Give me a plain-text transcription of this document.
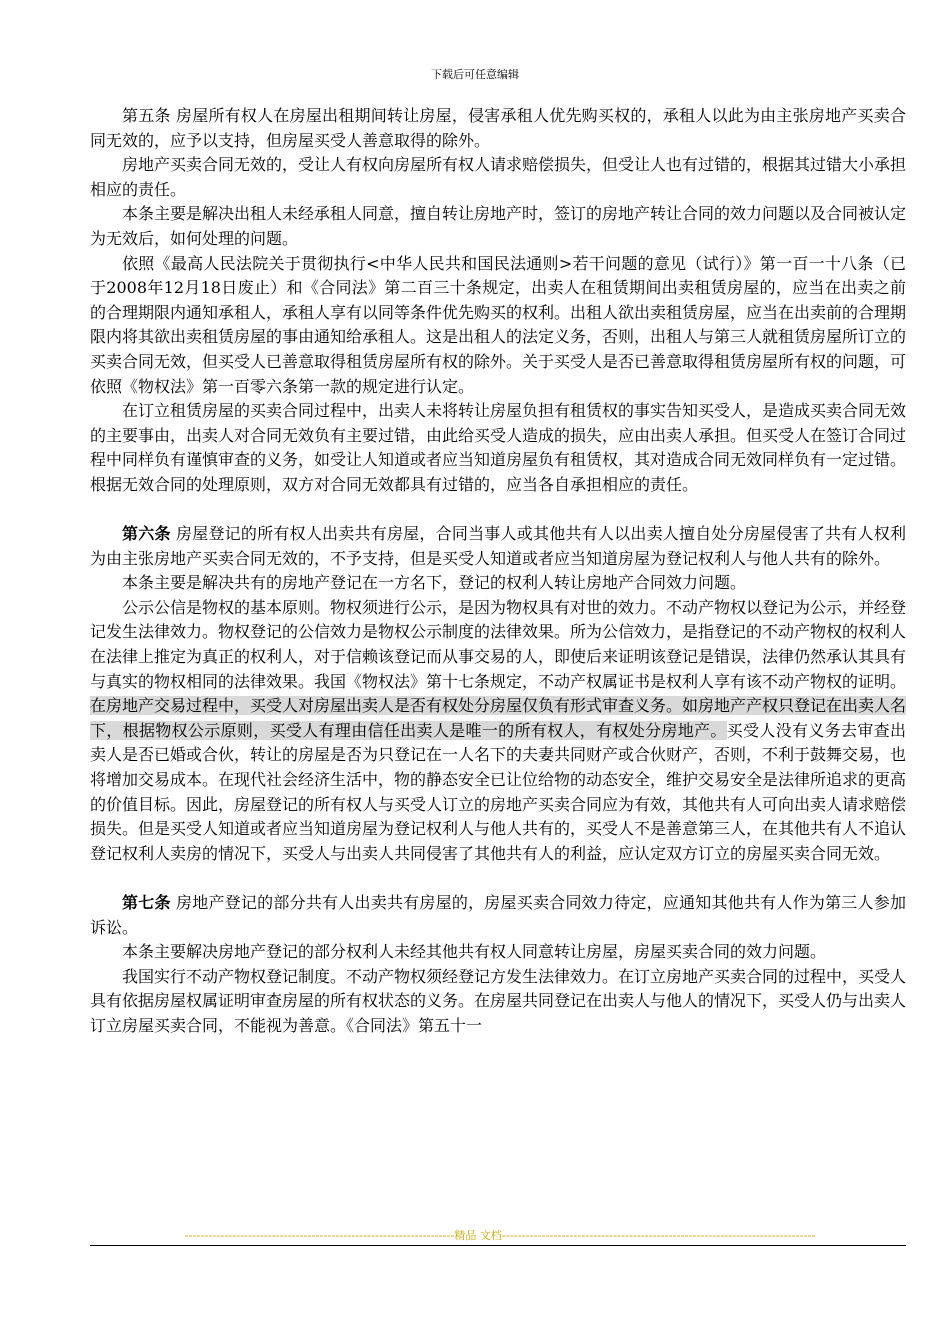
下载后可任意编辑

第五条 房屋所有权人在房屋出租期间转让房屋，侵害承租人优先购买权的，承租人以此为由主张房地产买卖合同无效的，应予以支持，但房屋买受人善意取得的除外。

房地产买卖合同无效的，受让人有权向房屋所有权人请求赔偿损失，但受让人也有过错的，根据其过错大小承担相应的责任。

本条主要是解决出租人未经承租人同意，擅自转让房地产时，签订的房地产转让合同的效力问题以及合同被认定为无效后，如何处理的问题。

依照《最高人民法院关于贯彻执行<中华人民共和国民法通则>若干问题的意见（试行）》第一百一十八条（已于2008年12月18日废止）和《合同法》第二百三十条规定，出卖人在租赁期间出卖租赁房屋的，应当在出卖之前的合理期限内通知承租人，承租人享有以同等条件优先购买的权利。出租人欲出卖租赁房屋，应当在出卖前的合理期限内将其欲出卖租赁房屋的事由通知给承租人。这是出租人的法定义务，否则，出租人与第三人就租赁房屋所订立的买卖合同无效，但买受人已善意取得租赁房屋所有权的除外。关于买受人是否已善意取得租赁房屋所有权的问题，可依照《物权法》第一百零六条第一款的规定进行认定。

在订立租赁房屋的买卖合同过程中，出卖人未将转让房屋负担有租赁权的事实告知买受人，是造成买卖合同无效的主要事由，出卖人对合同无效负有主要过错，由此给买受人造成的损失，应由出卖人承担。但买受人在签订合同过程中同样负有谨慎审查的义务，如受让人知道或者应当知道房屋负有租赁权，其对造成合同无效同样负有一定过错。根据无效合同的处理原则，双方对合同无效都具有过错的，应当各自承担相应的责任。

第六条 房屋登记的所有权人出卖共有房屋，合同当事人或其他共有人以出卖人擅自处分房屋侵害了共有人权利为由主张房地产买卖合同无效的，不予支持，但是买受人知道或者应当知道房屋为登记权利人与他人共有的除外。

本条主要是解决共有的房地产登记在一方名下，登记的权利人转让房地产合同效力问题。

公示公信是物权的基本原则。物权须进行公示，是因为物权具有对世的效力。不动产物权以登记为公示，并经登记发生法律效力。物权登记的公信效力是物权公示制度的法律效果。所为公信效力，是指登记的不动产物权的权利人在法律上推定为真正的权利人，对于信赖该登记而从事交易的人，即使后来证明该登记是错误，法律仍然承认其具有与真实的物权相同的法律效果。我国《物权法》第十七条规定，不动产权属证书是权利人享有该不动产物权的证明。在房地产交易过程中，买受人对房屋出卖人是否有权处分房屋仅负有形式审查义务。如房地产产权只登记在出卖人名下，根据物权公示原则，买受人有理由信任出卖人是唯一的所有权人，有权处分房地产。买受人没有义务去审查出卖人是否已婚或合伙，转让的房屋是否为只登记在一人名下的夫妻共同财产或合伙财产，否则，不利于鼓舞交易，也将增加交易成本。在现代社会经济生活中，物的静态安全已让位给物的动态安全，维护交易安全是法律所追求的更高的价值目标。因此，房屋登记的所有权人与买受人订立的房地产买卖合同应为有效，其他共有人可向出卖人请求赔偿损失。但是买受人知道或者应当知道房屋为登记权利人与他人共有的，买受人不是善意第三人，在其他共有人不追认登记权利人卖房的情况下，买受人与出卖人共同侵害了其他共有人的利益，应认定双方订立的房屋买卖合同无效。

第七条 房地产登记的部分共有人出卖共有房屋的，房屋买卖合同效力待定，应通知其他共有人作为第三人参加诉讼。

本条主要解决房地产登记的部分权利人未经其他共有权人同意转让房屋，房屋买卖合同的效力问题。

我国实行不动产物权登记制度。不动产物权须经登记方发生法律效力。在订立房地产买卖合同的过程中，买受人具有依据房屋权属证明审查房屋的所有权状态的义务。在房屋共同登记在出卖人与他人的情况下，买受人仍与出卖人订立房屋买卖合同，不能视为善意。《合同法》第五十一

--------------------------------------------------------------------精品 文档-------------------------------------------------------------------------------
